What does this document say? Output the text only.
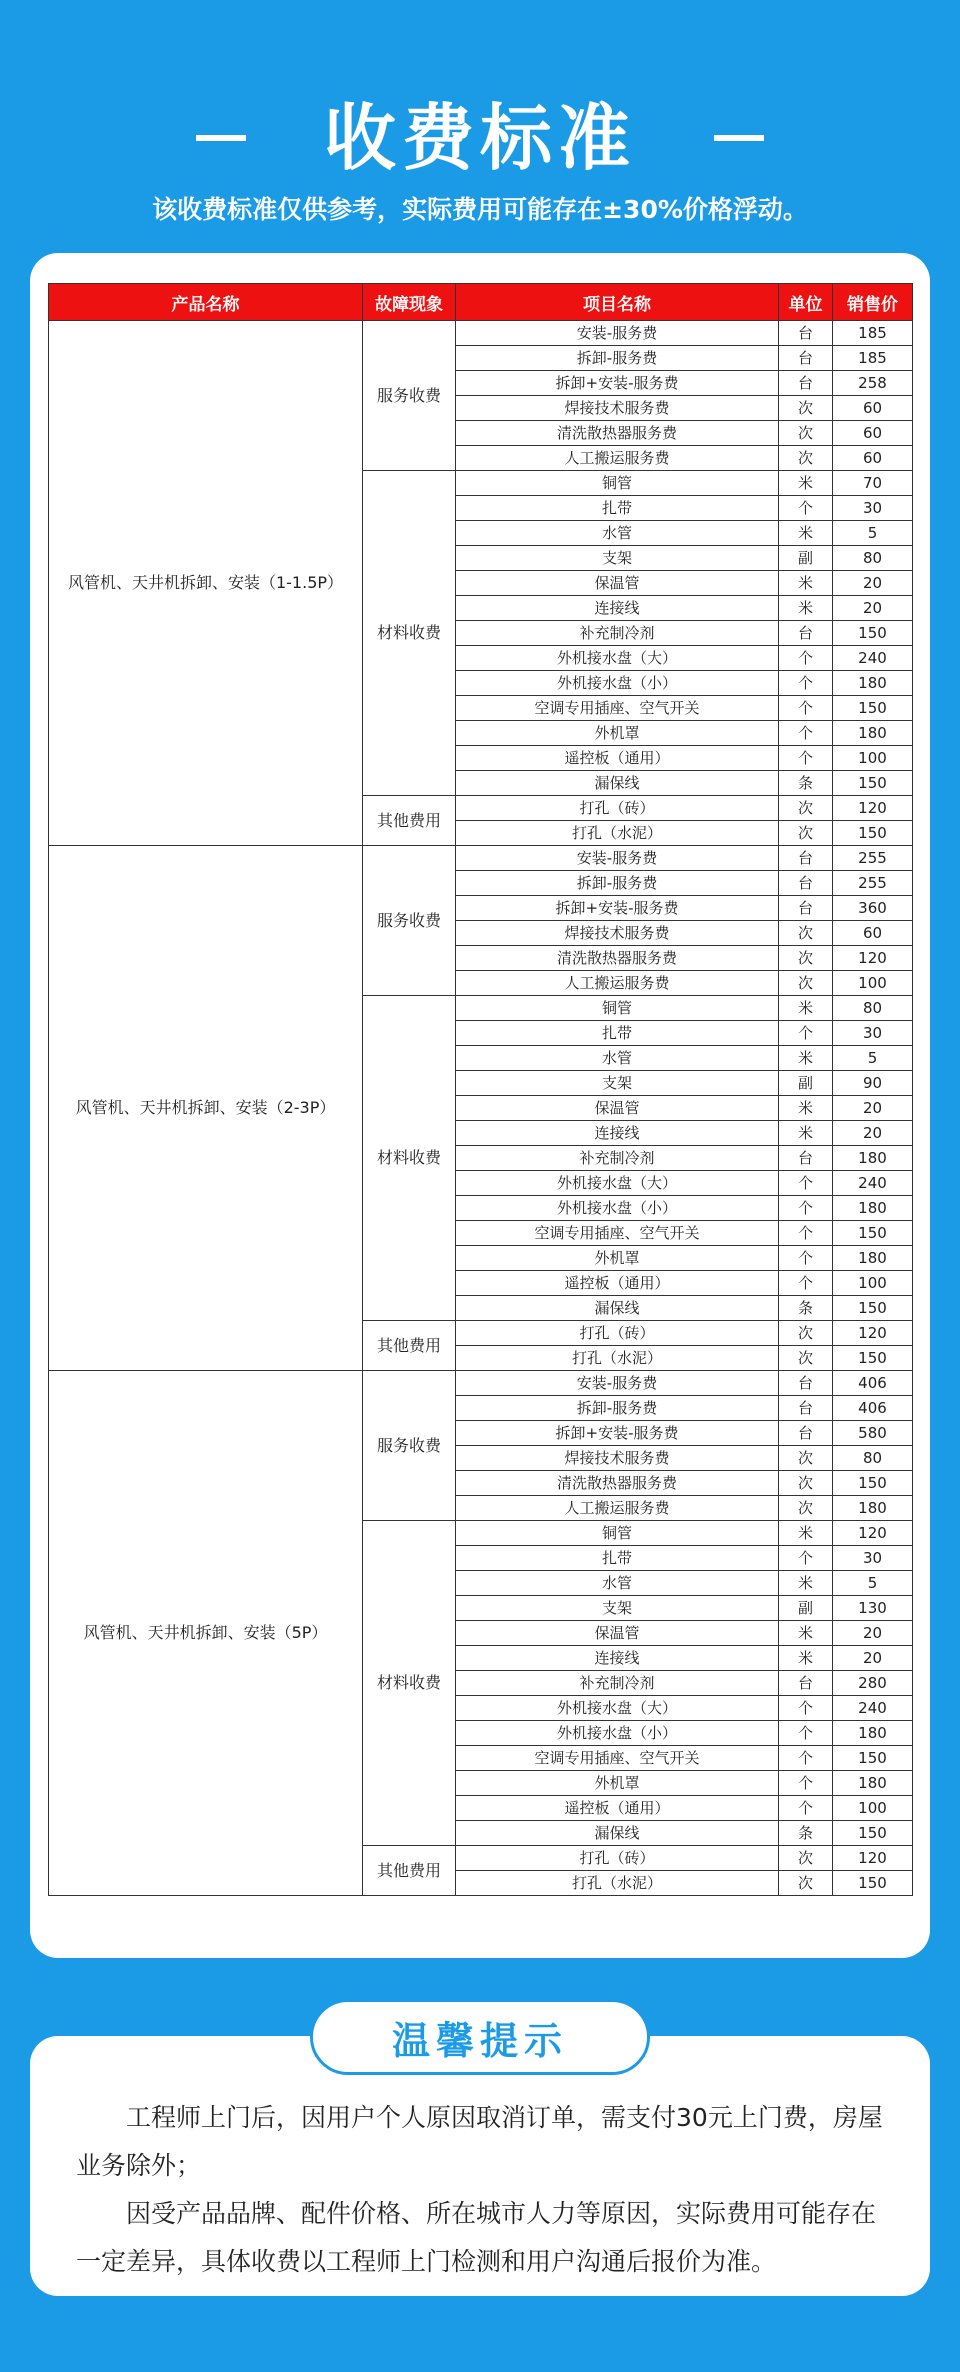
收费标准
该收费标准仅供参考，实际费用可能存在±30%价格浮动。
产品名称	故障现象	项目名称	单位	销售价
风管机、天井机拆卸、安装（1-1.5P）	服务收费	安装-服务费	台	185
		拆卸-服务费	台	185
		拆卸+安装-服务费	台	258
		焊接技术服务费	次	60
		清洗散热器服务费	次	60
		人工搬运服务费	次	60
	材料收费	铜管	米	70
		扎带	个	30
		水管	米	5
		支架	副	80
		保温管	米	20
		连接线	米	20
		补充制冷剂	台	150
		外机接水盘（大）	个	240
		外机接水盘（小）	个	180
		空调专用插座、空气开关	个	150
		外机罩	个	180
		遥控板（通用）	个	100
		漏保线	条	150
	其他费用	打孔（砖）	次	120
		打孔（水泥）	次	150
风管机、天井机拆卸、安装（2-3P）	服务收费	安装-服务费	台	255
		拆卸-服务费	台	255
		拆卸+安装-服务费	台	360
		焊接技术服务费	次	60
		清洗散热器服务费	次	120
		人工搬运服务费	次	100
	材料收费	铜管	米	80
		扎带	个	30
		水管	米	5
		支架	副	90
		保温管	米	20
		连接线	米	20
		补充制冷剂	台	180
		外机接水盘（大）	个	240
		外机接水盘（小）	个	180
		空调专用插座、空气开关	个	150
		外机罩	个	180
		遥控板（通用）	个	100
		漏保线	条	150
	其他费用	打孔（砖）	次	120
		打孔（水泥）	次	150
风管机、天井机拆卸、安装（5P）	服务收费	安装-服务费	台	406
		拆卸-服务费	台	406
		拆卸+安装-服务费	台	580
		焊接技术服务费	次	80
		清洗散热器服务费	次	150
		人工搬运服务费	次	180
	材料收费	铜管	米	120
		扎带	个	30
		水管	米	5
		支架	副	130
		保温管	米	20
		连接线	米	20
		补充制冷剂	台	280
		外机接水盘（大）	个	240
		外机接水盘（小）	个	180
		空调专用插座、空气开关	个	150
		外机罩	个	180
		遥控板（通用）	个	100
		漏保线	条	150
	其他费用	打孔（砖）	次	120
		打孔（水泥）	次	150

工程师上门后，因用户个人原因取消订单，需支付30元上门费，房屋业务除外；

因受产品品牌、配件价格、所在城市人力等原因，实际费用可能存在一定差异，具体收费以工程师上门检测和用户沟通后报价为准。

温馨提示
